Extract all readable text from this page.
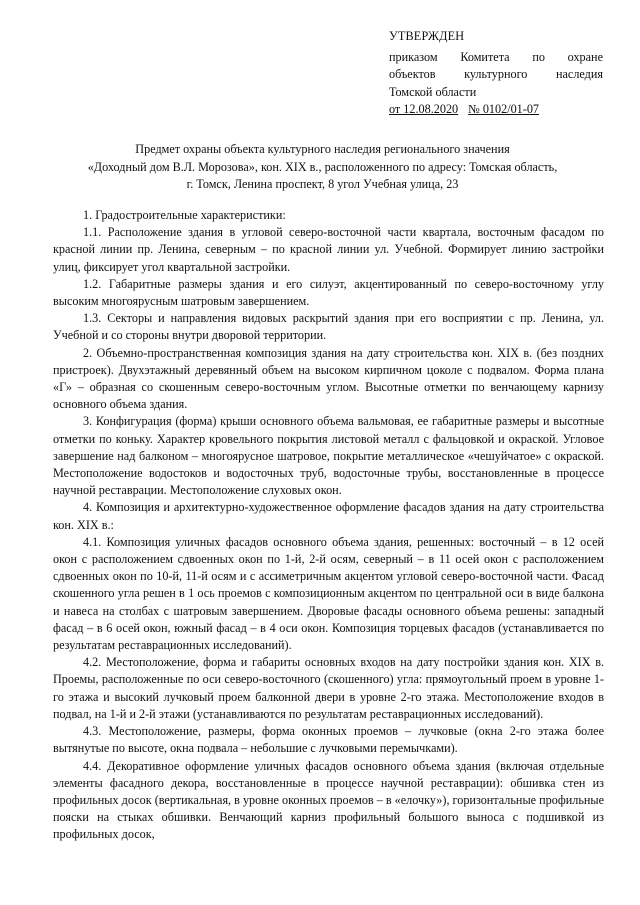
УТВЕРЖДЕН
приказом Комитета по охране
объектов культурного наследия
Томской области
от 12.08.2020 № 0102/01-07
Предмет охраны объекта культурного наследия регионального значения
«Доходный дом В.Л. Морозова», кон. XIX в., расположенного по адресу: Томская область,
г. Томск, Ленина проспект, 8 угол Учебная улица, 23

1. Градостроительные характеристики:

1.1. Расположение здания в угловой северо-восточной части квартала, восточным фасадом по красной линии пр. Ленина, северным – по красной линии ул. Учебной. Формирует линию застройки улиц, фиксирует угол квартальной застройки.

1.2. Габаритные размеры здания и его силуэт, акцентированный по северо-восточному углу высоким многоярусным шатровым завершением.

1.3. Секторы и направления видовых раскрытий здания при его восприятии с пр. Ленина, ул. Учебной и со стороны внутри дворовой территории.

2. Объемно-пространственная композиция здания на дату строительства кон. XIX в. (без поздних пристроек). Двухэтажный деревянный объем на высоком кирпичном цоколе с подвалом. Форма плана «Г» – образная со скошенным северо-восточным углом. Высотные отметки по венчающему карнизу основного объема здания.

3. Конфигурация (форма) крыши основного объема вальмовая, ее габаритные размеры и высотные отметки по коньку. Характер кровельного покрытия листовой металл с фальцовкой и окраской. Угловое завершение над балконом – многоярусное шатровое, покрытие металлическое «чешуйчатое» с окраской. Местоположение водостоков и водосточных труб, водосточные трубы, восстановленные в процессе научной реставрации. Местоположение слуховых окон.

4. Композиция и архитектурно-художественное оформление фасадов здания на дату строительства кон. XIX в.:

4.1. Композиция уличных фасадов основного объема здания, решенных: восточный – в 12 осей окон с расположением сдвоенных окон по 1-й, 2-й осям, северный – в 11 осей окон с расположением сдвоенных окон по 10-й, 11-й осям и с ассиметричным акцентом угловой северо-восточной части. Фасад скошенного угла решен в 1 ось проемов с композиционным акцентом по центральной оси в виде балкона и навеса на столбах с шатровым завершением. Дворовые фасады основного объема решены: западный фасад – в 6 осей окон, южный фасад – в 4 оси окон. Композиция торцевых фасадов (устанавливается по результатам реставрационных исследований).

4.2. Местоположение, форма и габариты основных входов на дату постройки здания кон. XIX в. Проемы, расположенные по оси северо-восточного (скошенного) угла: прямоугольный проем в уровне 1-го этажа и высокий лучковый проем балконной двери в уровне 2-го этажа. Местоположение входов в подвал, на 1-й и 2-й этажи (устанавливаются по результатам реставрационных исследований).

4.3. Местоположение, размеры, форма оконных проемов – лучковые (окна 2-го этажа более вытянутые по высоте, окна подвала – небольшие с лучковыми перемычками).

4.4. Декоративное оформление уличных фасадов основного объема здания (включая отдельные элементы фасадного декора, восстановленные в процессе научной реставрации): обшивка стен из профильных досок (вертикальная, в уровне оконных проемов – в «елочку»), горизонтальные профильные пояски на стыках обшивки. Венчающий карниз профильный большого выноса с подшивкой из профильных досок,
